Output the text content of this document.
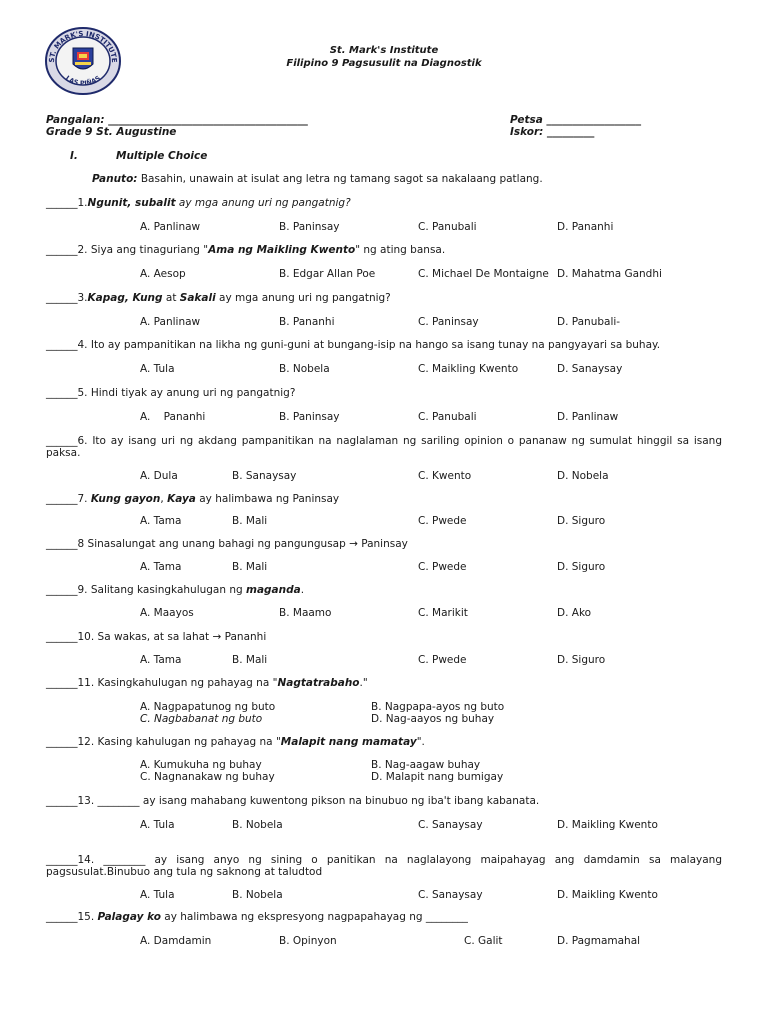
ST. MARK'S INSTITUTE
LAS PIÑAS
St. Mark's Institute
Filipino 9 Pagsusulit na Diagnostik
Pangalan: ______________________________________	Petsa __________________
Grade 9 St. Augustine	Iskor: _________
I.	Multiple Choice
Panuto: Basahin, unawain at isulat ang letra ng tamang sagot sa nakalaang patlang.
______1.Ngunit, subalit ay mga anung uri ng pangatnig?
A. Panlinaw	B. Paninsay	C. Panubali	D. Pananhi
______2. Siya ang tinaguriang "Ama ng Maikling Kwento" ng ating bansa.
A. Aesop	B. Edgar Allan Poe	C. Michael De Montaigne D. Mahatma Gandhi
______3.Kapag, Kung at Sakali ay mga anung uri ng pangatnig?
A. Panlinaw	B. Pananhi	C. Paninsay	D. Panubali-
______4. Ito ay pampanitikan na likha ng guni-guni at bungang-isip na hango sa isang tunay na pangyayari sa buhay.
A. Tula	B. Nobela	C. Maikling Kwento	D. Sanaysay
______5. Hindi tiyak ay anung uri ng pangatnig?
A.    Pananhi	B. Paninsay	C. Panubali	D. Panlinaw
______6. Ito ay isang uri ng akdang pampanitikan na naglalaman ng sariling opinion o pananaw ng sumulat hinggil sa isang paksa.
A. Dula	B. Sanaysay	C. Kwento	D. Nobela
______7. Kung gayon, Kaya ay halimbawa ng Paninsay
A. Tama	B. Mali	C. Pwede	D. Siguro
______8 Sinasalungat ang unang bahagi ng pangungusap → Paninsay
A. Tama	B. Mali	C. Pwede	D. Siguro
______9. Salitang kasingkahulugan ng maganda.
A. Maayos	B. Maamo	C. Marikit	D. Ako
______10. Sa wakas, at sa lahat → Pananhi
A. Tama	B. Mali	C. Pwede	D. Siguro
______11. Kasingkahulugan ng pahayag na "Nagtatrabaho."
A. Nagpapatunog ng buto	B. Nagpapa-ayos ng buto
C. Nagbabanat ng buto	D. Nag-aayos ng buhay
______12. Kasing kahulugan ng pahayag na "Malapit nang mamatay".
A. Kumukuha ng buhay	B. Nag-aagaw buhay
C. Nagnanakaw ng buhay	D. Malapit nang bumigay
______13. ________ ay isang mahabang kuwentong pikson na binubuo ng iba't ibang kabanata.
A. Tula	B. Nobela	C. Sanaysay	D. Maikling Kwento
______14. ________ ay isang anyo ng sining o panitikan na naglalayong maipahayag ang damdamin sa malayang pagsusulat.Binubuo ang tula ng saknong at taludtod
A. Tula	B. Nobela	C. Sanaysay	D. Maikling Kwento
______15. Palagay ko ay halimbawa ng ekspresyong nagpapahayag ng ________
A. Damdamin	B. Opinyon	C. Galit	D. Pagmamahal
